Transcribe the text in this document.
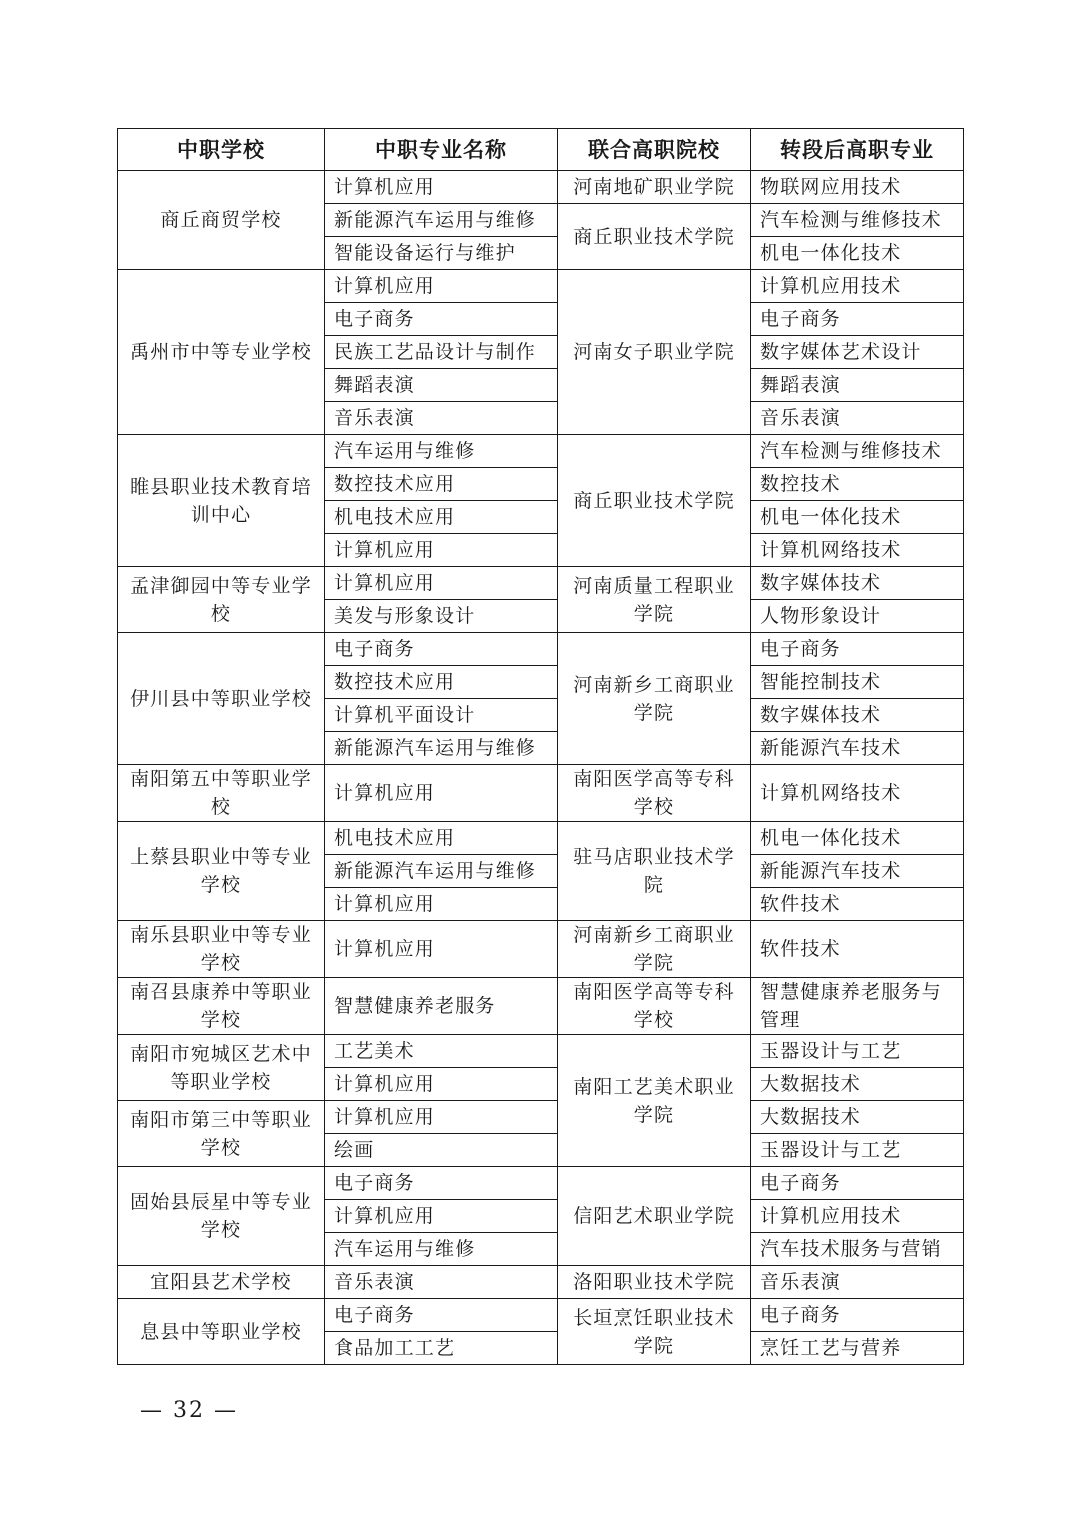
中职学校	中职专业名称	联合高职院校	转段后高职专业
商丘商贸学校	计算机应用	河南地矿职业学院	物联网应用技术
	新能源汽车运用与维修	商丘职业技术学院	汽车检测与维修技术
	智能设备运行与维护		机电一体化技术
禹州市中等专业学校	计算机应用	河南女子职业学院	计算机应用技术
	电子商务		电子商务
	民族工艺品设计与制作		数字媒体艺术设计
	舞蹈表演		舞蹈表演
	音乐表演		音乐表演
睢县职业技术教育培训中心	汽车运用与维修	商丘职业技术学院	汽车检测与维修技术
	数控技术应用		数控技术
	机电技术应用		机电一体化技术
	计算机应用		计算机网络技术
孟津御园中等专业学校	计算机应用	河南质量工程职业学院	数字媒体技术
	美发与形象设计		人物形象设计
伊川县中等职业学校	电子商务	河南新乡工商职业学院	电子商务
	数控技术应用		智能控制技术
	计算机平面设计		数字媒体技术
	新能源汽车运用与维修		新能源汽车技术
南阳第五中等职业学校	计算机应用	南阳医学高等专科学校	计算机网络技术
上蔡县职业中等专业学校	机电技术应用	驻马店职业技术学院	机电一体化技术
	新能源汽车运用与维修		新能源汽车技术
	计算机应用		软件技术
南乐县职业中等专业学校	计算机应用	河南新乡工商职业学院	软件技术
南召县康养中等职业学校	智慧健康养老服务	南阳医学高等专科学校	智慧健康养老服务与管理
南阳市宛城区艺术中等职业学校	工艺美术	南阳工艺美术职业学院	玉器设计与工艺
	计算机应用		大数据技术
南阳市第三中等职业学校	计算机应用		大数据技术
	绘画		玉器设计与工艺
固始县辰星中等专业学校	电子商务	信阳艺术职业学院	电子商务
	计算机应用		计算机应用技术
	汽车运用与维修		汽车技术服务与营销
宜阳县艺术学校	音乐表演	洛阳职业技术学院	音乐表演
息县中等职业学校	电子商务	长垣烹饪职业技术学院	电子商务
	食品加工工艺		烹饪工艺与营养
— 32 —
